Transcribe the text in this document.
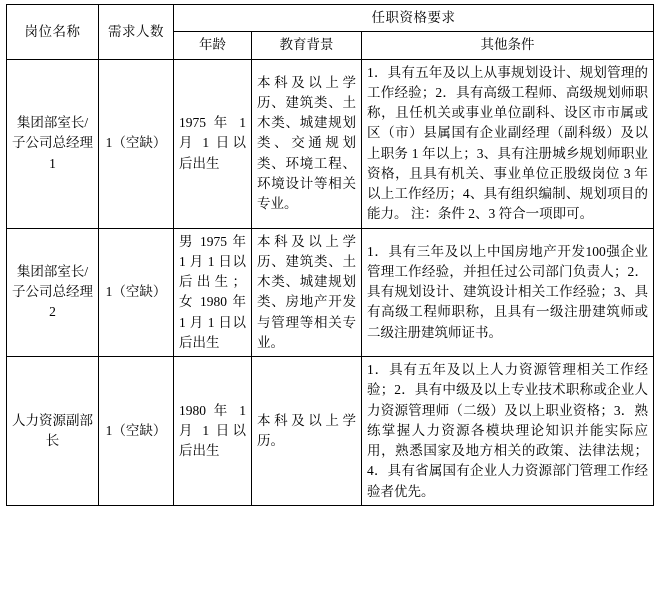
岗位名称	需求人数	任职资格要求		
		年龄	教育背景	其他条件
集团部室长/子公司总经理1	1（空缺）	1975 年 1 月 1 日以后出生	本科及以上学历、建筑类、土木类、城建规划类、交通规划类、环境工程、环境设计等相关专业。	1．具有五年及以上从事规划设计、规划管理的工作经验；2．具有高级工程师、高级规划师职称，且任机关或事业单位副科、设区市市属或区（市）县属国有企业副经理（副科级）及以上职务 1 年以上；3、具有注册城乡规划师职业资格，且具有机关、事业单位正股级岗位 3 年以上工作经历；4、具有组织编制、规划项目的能力。 注：条件 2、3 符合一项即可。
集团部室长/子公司总经理2	1（空缺）	男 1975 年 1 月 1 日以后出生；女 1980 年 1 月 1 日以后出生	本科及以上学历、建筑类、土木类、城建规划类、房地产开发与管理等相关专业。	1．具有三年及以上中国房地产开发100强企业管理工作经验，并担任过公司部门负责人；2．具有规划设计、建筑设计相关工作经验；3、具有高级工程师职称，且具有一级注册建筑师或二级注册建筑师证书。
人力资源副部长	1（空缺）	1980 年 1 月 1 日以后出生	本科及以上学历。	1．具有五年及以上人力资源管理相关工作经验；2．具有中级及以上专业技术职称或企业人力资源管理师（二级）及以上职业资格；3．熟练掌握人力资源各模块理论知识并能实际应用，熟悉国家及地方相关的政策、法律法规；4．具有省属国有企业人力资源部门管理工作经验者优先。
